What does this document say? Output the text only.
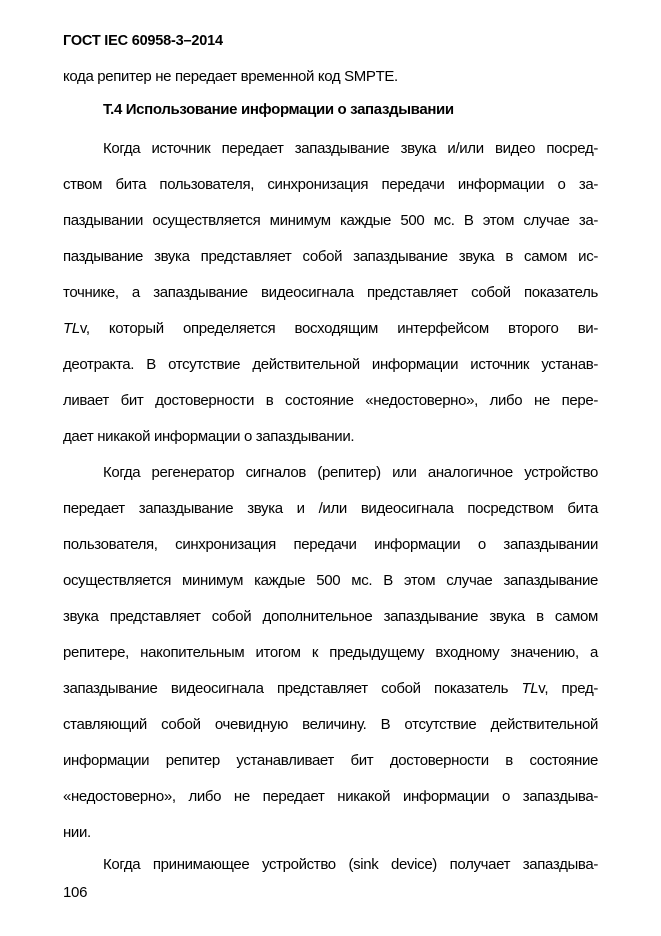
ГОСТ IEC 60958-3–2014
кода репитер не передает временной код SMPTE.
Т.4 Использование информации о запаздывании
Когда источник передает запаздывание звука и/или видео посред-
ством бита пользователя, синхронизация передачи информации о за-
паздывании осуществляется минимум каждые 500 мс. В этом случае за-
паздывание звука представляет собой запаздывание звука в самом ис-
точнике, а запаздывание видеосигнала представляет собой показатель
TLv, который определяется восходящим интерфейсом второго ви-
деотракта. В отсутствие действительной информации источник устанав-
ливает бит достоверности в состояние «недостоверно», либо не пере-
дает никакой информации о запаздывании.
Когда регенератор сигналов (репитер) или аналогичное устройство
передает запаздывание звука и /или видеосигнала посредством бита
пользователя, синхронизация передачи информации о запаздывании
осуществляется минимум каждые 500 мс. В этом случае запаздывание
звука представляет собой дополнительное запаздывание звука в самом
репитере, накопительным итогом к предыдущему входному значению, а
запаздывание видеосигнала представляет собой показатель TLv, пред-
ставляющий собой очевидную величину. В отсутствие действительной
информации репитер устанавливает бит достоверности в состояние
«недостоверно», либо не передает никакой информации о запаздыва-
нии.
Когда принимающее устройство (sink device) получает запаздыва-
106
